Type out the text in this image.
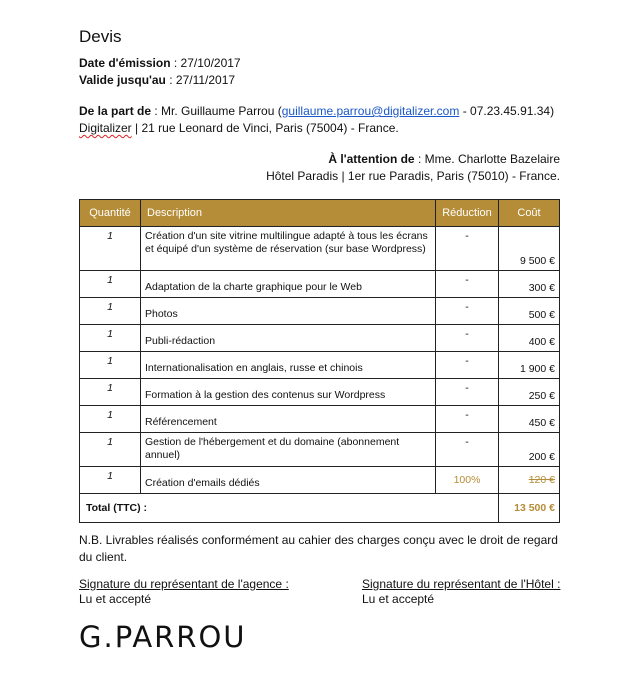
Devis
Date d'émission : 27/10/2017
Valide jusqu'au : 27/11/2017
De la part de : Mr. Guillaume Parrou (guillaume.parrou@digitalizer.com - 07.23.45.91.34)
Digitalizer | 21 rue Leonard de Vinci, Paris (75004) - France.
À l'attention de : Mme. Charlotte Bazelaire
Hôtel Paradis | 1er rue Paradis, Paris (75010) - France.
Quantité	Description	Réduction	Coût
1	Création d'un site vitrine multilingue adapté à tous les écrans et équipé d'un système de réservation (sur base Wordpress)	-	9 500 €
1	Adaptation de la charte graphique pour le Web	-	300 €
1	Photos	-	500 €
1	Publi-rédaction	-	400 €
1	Internationalisation en anglais, russe et chinois	-	1 900 €
1	Formation à la gestion des contenus sur Wordpress	-	250 €
1	Référencement	-	450 €
1	Gestion de l'hébergement et du domaine (abonnement annuel)	-	200 €
1	Création d'emails dédiés	100%	120 €
Total (TTC) :			13 500 €
N.B. Livrables réalisés conformément au cahier des charges conçu avec le droit de regard du client.
Signature du représentant de l'agence :
Lu et accepté
Signature du représentant de l'Hôtel :
Lu et accepté
G.PARROU
